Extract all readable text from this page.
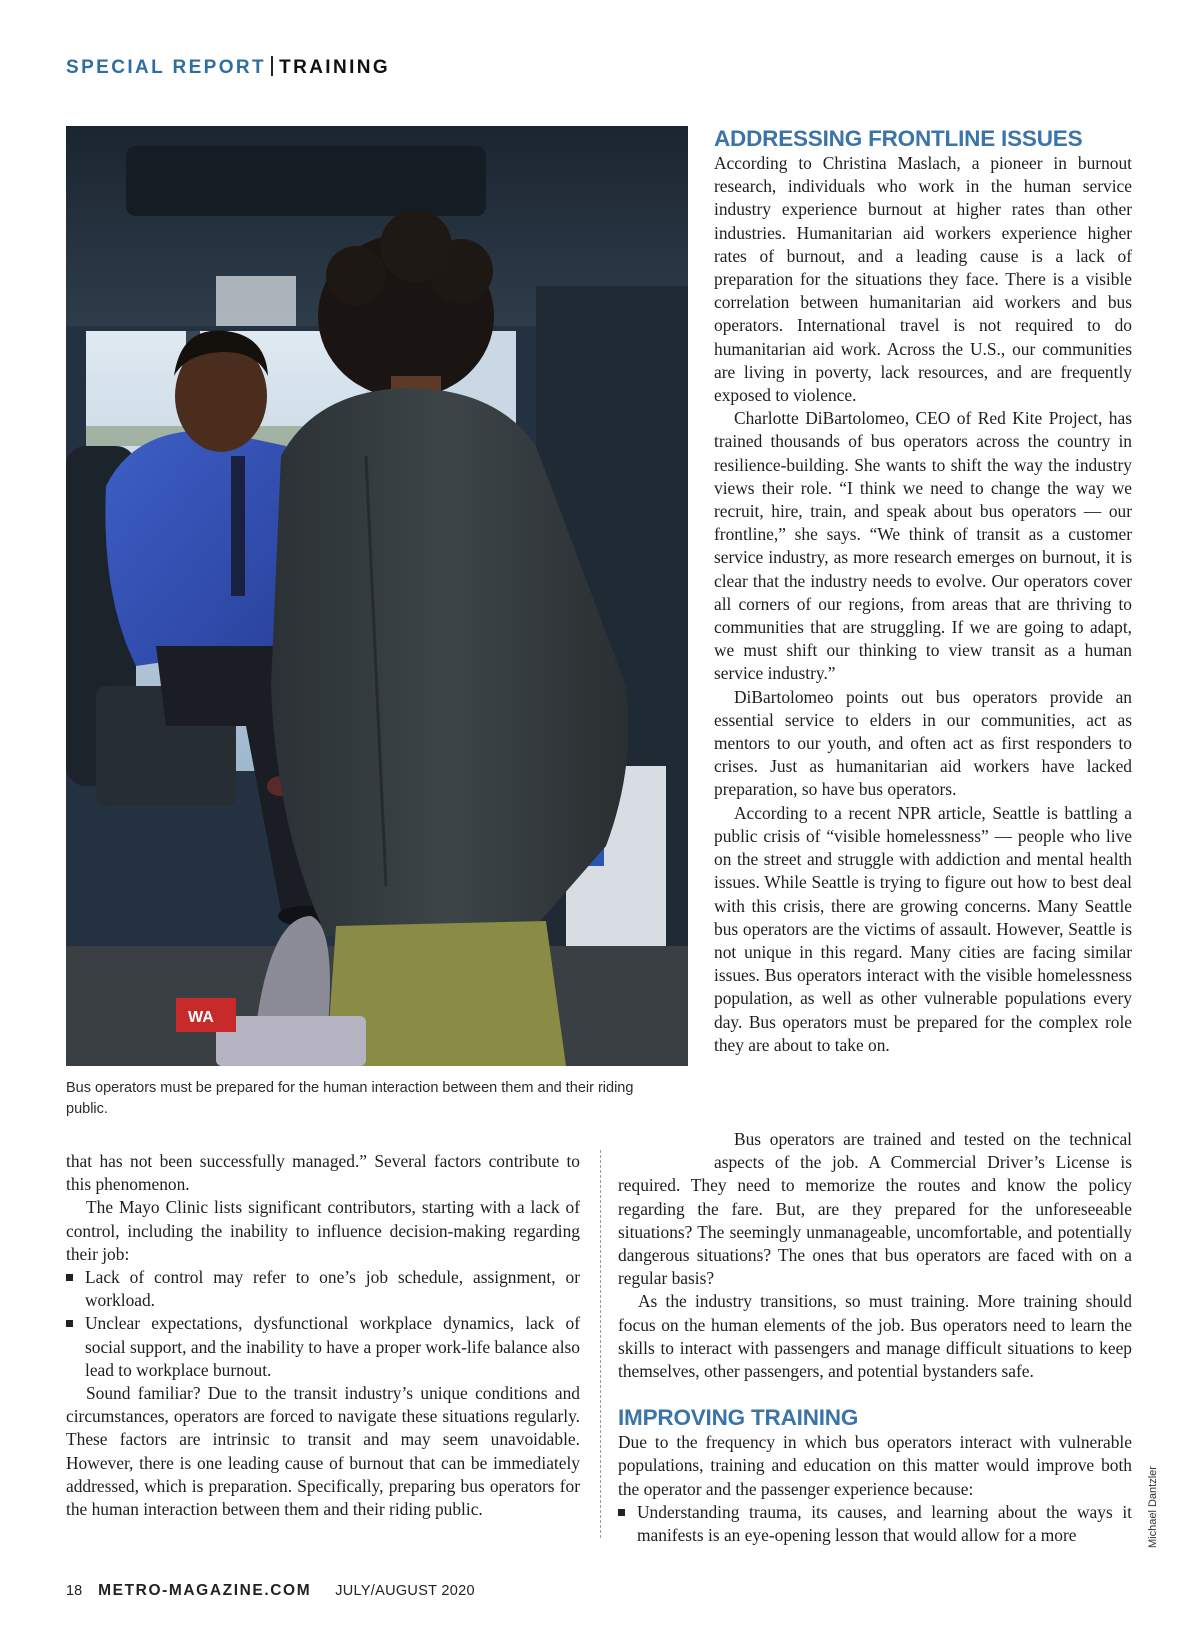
SPECIAL REPORT TRAINING
WA
Bus operators must be prepared for the human interaction between them and their riding public.
ADDRESSING FRONTLINE ISSUES

According to Christina Maslach, a pioneer in burnout research, individuals who work in the human service industry experience burnout at higher rates than other industries. Humanitarian aid workers experience higher rates of burnout, and a leading cause is a lack of preparation for the situations they face. There is a visible correlation between humanitarian aid workers and bus operators. International travel is not required to do humanitarian aid work. Across the U.S., our communities are living in poverty, lack resources, and are frequently exposed to violence.

Charlotte DiBartolomeo, CEO of Red Kite Project, has trained thousands of bus operators across the country in resilience-building. She wants to shift the way the industry views their role. “I think we need to change the way we recruit, hire, train, and speak about bus operators — our frontline,” she says. “We think of transit as a customer service industry, as more research emerges on burnout, it is clear that the industry needs to evolve. Our operators cover all corners of our regions, from areas that are thriving to communities that are struggling. If we are going to adapt, we must shift our thinking to view transit as a human service industry.”

DiBartolomeo points out bus operators provide an essential service to elders in our communities, act as mentors to our youth, and often act as first responders to crises. Just as humanitarian aid workers have lacked preparation, so have bus operators.

According to a recent NPR article, Seattle is battling a public crisis of “visible homelessness” — people who live on the street and struggle with addiction and mental health issues. While Seattle is trying to figure out how to best deal with this crisis, there are growing concerns. Many Seattle bus operators are the victims of assault. However, Seattle is not unique in this regard. Many cities are facing similar issues. Bus operators interact with the visible homelessness population, as well as other vulnerable populations every day. Bus operators must be prepared for the complex role they are about to take on.

that has not been successfully managed.” Several factors contribute to this phenomenon.

The Mayo Clinic lists significant contributors, starting with a lack of control, including the inability to influence decision-making regarding their job:

Lack of control may refer to one’s job schedule, assignment, or workload.
Unclear expectations, dysfunctional workplace dynamics, lack of social support, and the inability to have a proper work-life balance also lead to workplace burnout.

Sound familiar? Due to the transit industry’s unique conditions and circumstances, operators are forced to navigate these situations regularly. These factors are intrinsic to transit and may seem unavoidable. However, there is one leading cause of burnout that can be immediately addressed, which is preparation. Specifically, preparing bus operators for the human interaction between them and their riding public.

Bus operators are trained and tested on the technical aspects of the job. A Commercial Driver’s License is required. They need to memorize the routes and know the policy regarding the fare. But, are they prepared for the unforeseeable situations? The seemingly unmanageable, uncomfortable, and potentially dangerous situations? The ones that bus operators are faced with on a regular basis?

As the industry transitions, so must training. More training should focus on the human elements of the job. Bus operators need to learn the skills to interact with passengers and manage difficult situations to keep themselves, other passengers, and potential bystanders safe.

IMPROVING TRAINING

Due to the frequency in which bus operators interact with vulnerable populations, training and education on this matter would improve both the operator and the passenger experience because:

Understanding trauma, its causes, and learning about the ways it manifests is an eye-opening lesson that would allow for a more	Michael Dantzler
18 METRO-MAGAZINE.COM JULY/AUGUST 2020
